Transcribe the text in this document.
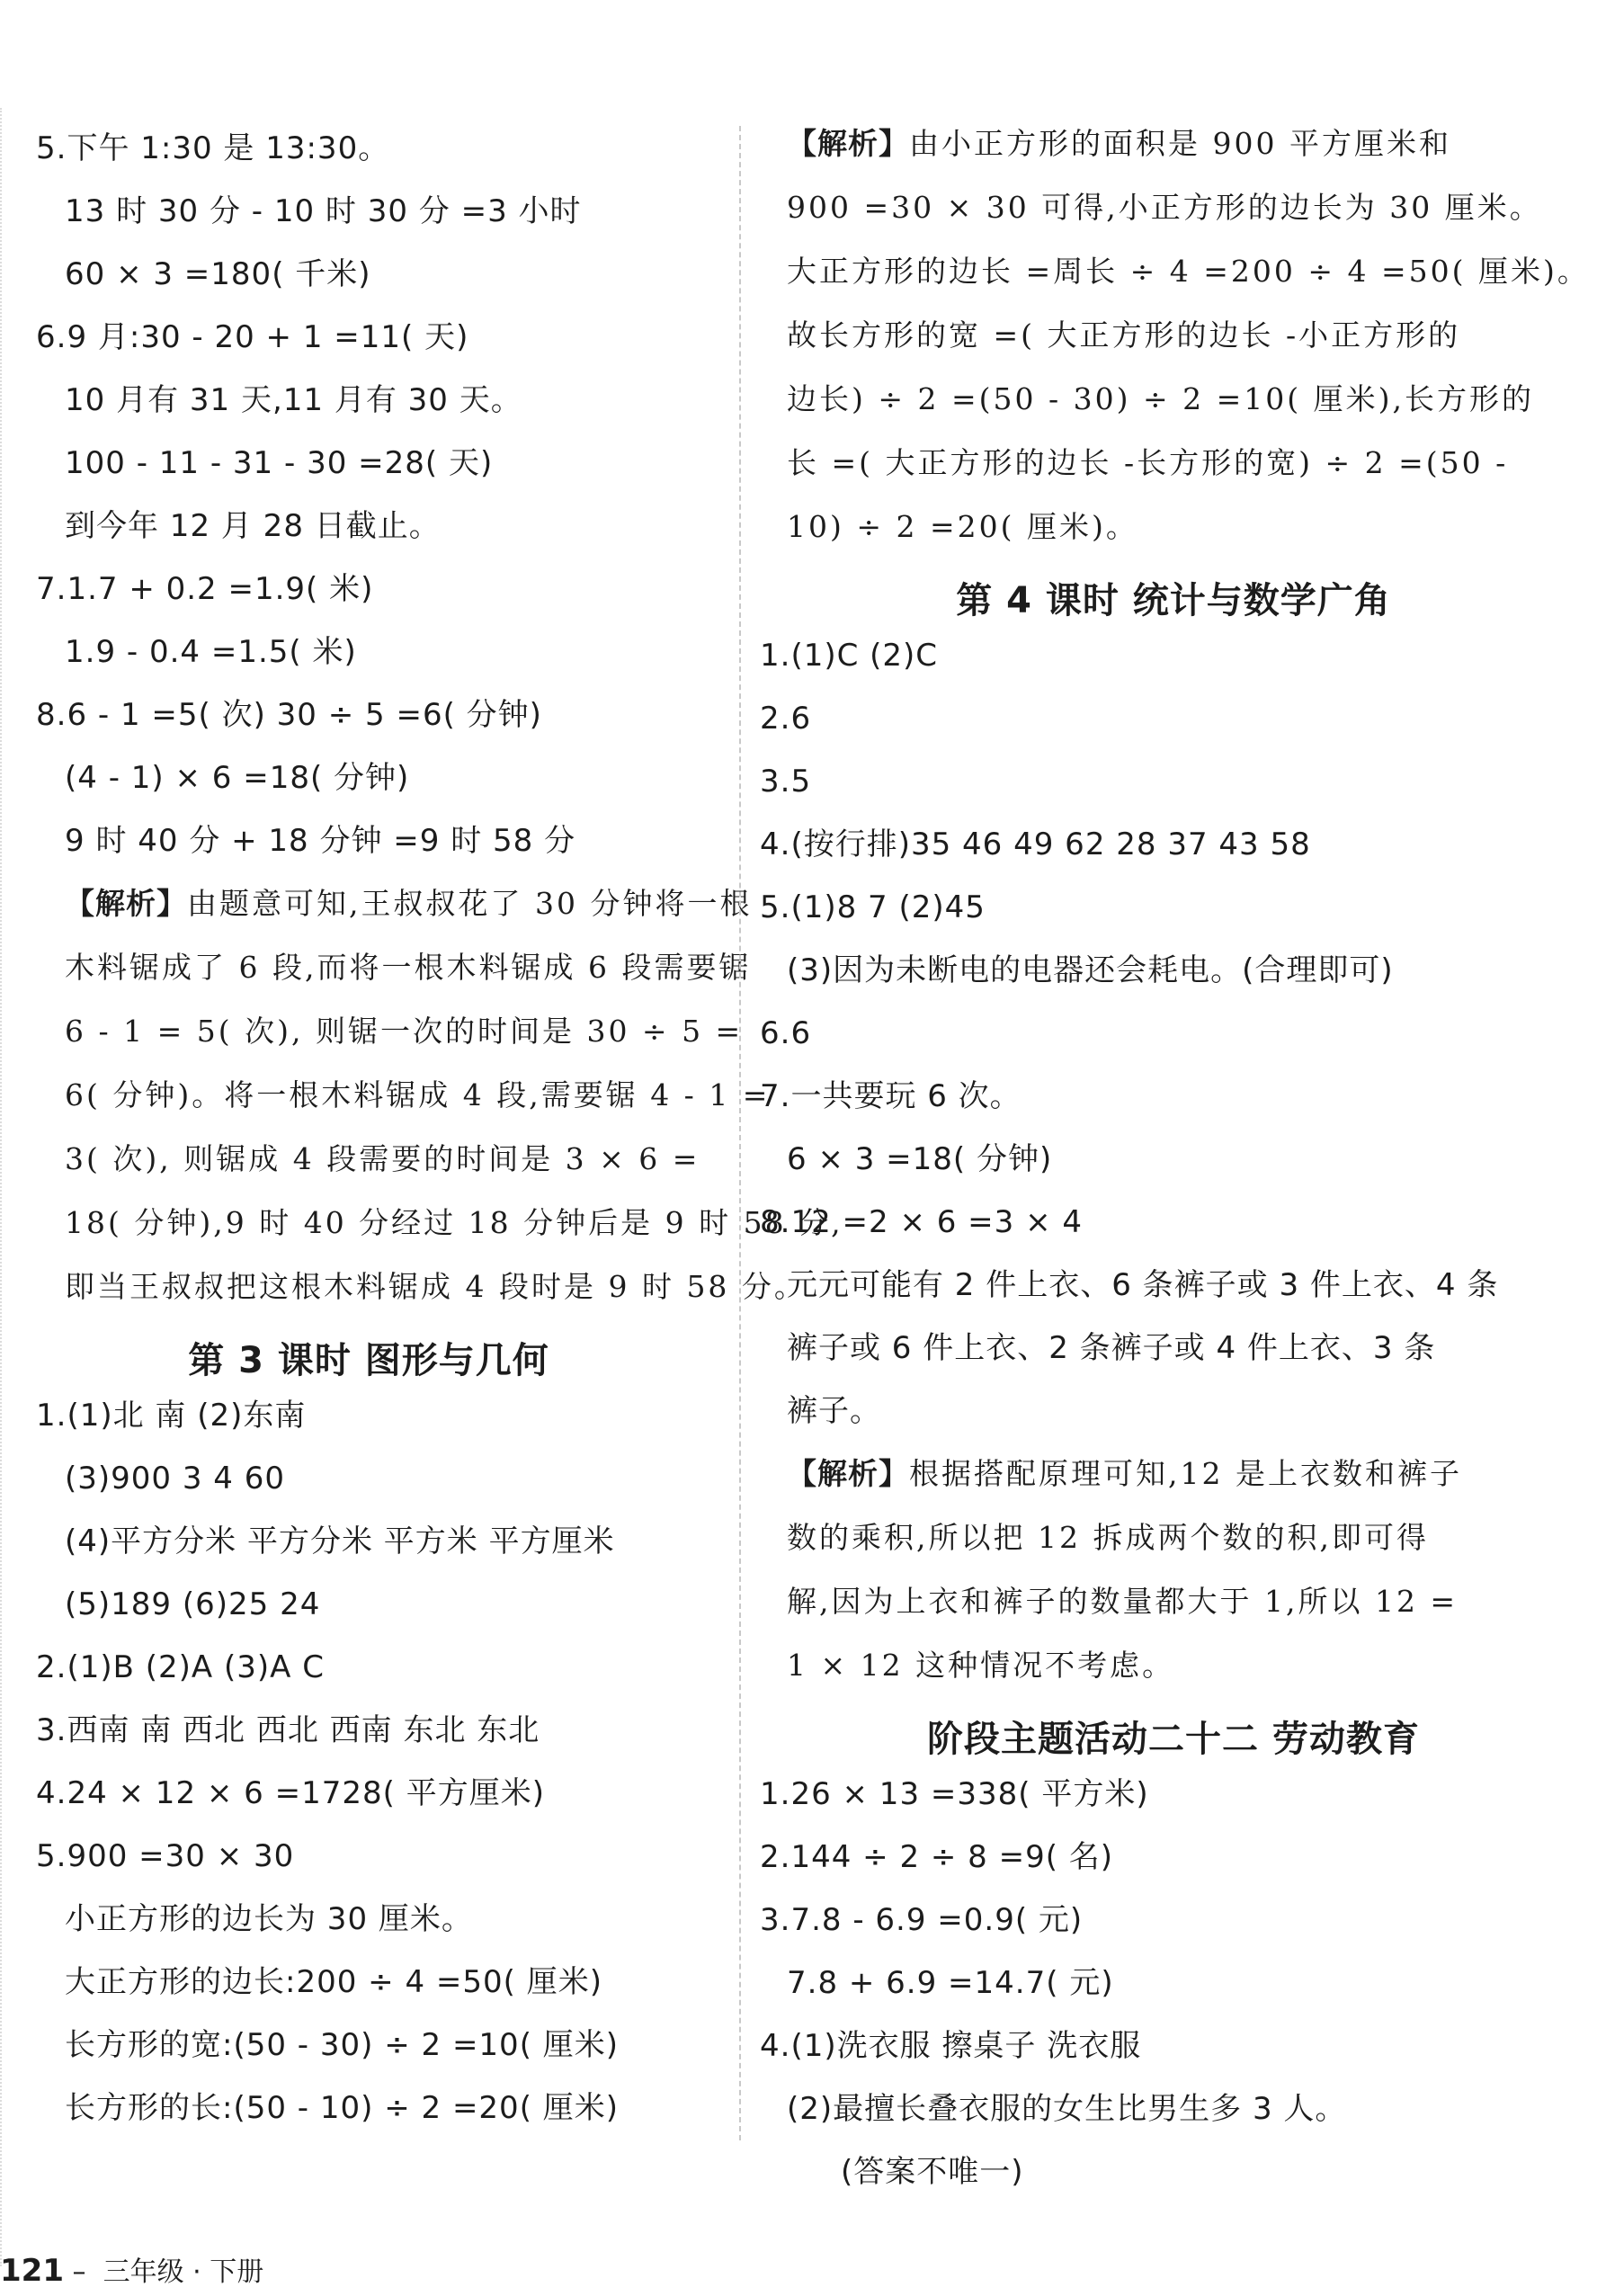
5.下午 1:30 是 13:30。
13 时 30 分 - 10 时 30 分 =3 小时
60 × 3 =180( 千米)
6.9 月:30 - 20 + 1 =11( 天)
10 月有 31 天,11 月有 30 天。
100 - 11 - 31 - 30 =28( 天)
到今年 12 月 28 日截止。
7.1.7 + 0.2 =1.9( 米)
1.9 - 0.4 =1.5( 米)
8.6 - 1 =5( 次) 30 ÷ 5 =6( 分钟)
(4 - 1) × 6 =18( 分钟)
9 时 40 分 + 18 分钟 =9 时 58 分
【解析】由题意可知,王叔叔花了 30 分钟将一根
木料锯成了 6 段,而将一根木料锯成 6 段需要锯
6 - 1 = 5( 次), 则锯一次的时间是 30 ÷ 5 =
6( 分钟)。将一根木料锯成 4 段,需要锯 4 - 1 =
3( 次), 则锯成 4 段需要的时间是 3 × 6 =
18( 分钟),9 时 40 分经过 18 分钟后是 9 时 58 分,
即当王叔叔把这根木料锯成 4 段时是 9 时 58 分。
第 3 课时 图形与几何
1.(1)北 南 (2)东南
(3)900 3 4 60
(4)平方分米 平方分米 平方米 平方厘米
(5)189 (6)25 24
2.(1)B (2)A (3)A C
3.西南 南 西北 西北 西南 东北 东北
4.24 × 12 × 6 =1728( 平方厘米)
5.900 =30 × 30
小正方形的边长为 30 厘米。
大正方形的边长:200 ÷ 4 =50( 厘米)
长方形的宽:(50 - 30) ÷ 2 =10( 厘米)
长方形的长:(50 - 10) ÷ 2 =20( 厘米)
【解析】由小正方形的面积是 900 平方厘米和
900 =30 × 30 可得,小正方形的边长为 30 厘米。
大正方形的边长 =周长 ÷ 4 =200 ÷ 4 =50( 厘米)。
故长方形的宽 =( 大正方形的边长 -小正方形的
边长) ÷ 2 =(50 - 30) ÷ 2 =10( 厘米),长方形的
长 =( 大正方形的边长 -长方形的宽) ÷ 2 =(50 -
10) ÷ 2 =20( 厘米)。
第 4 课时 统计与数学广角
1.(1)C (2)C
2.6
3.5
4.(按行排)35 46 49 62 28 37 43 58
5.(1)8 7 (2)45
(3)因为未断电的电器还会耗电。(合理即可)
6.6
7.一共要玩 6 次。
6 × 3 =18( 分钟)
8.12 =2 × 6 =3 × 4
元元可能有 2 件上衣、6 条裤子或 3 件上衣、4 条
裤子或 6 件上衣、2 条裤子或 4 件上衣、3 条
裤子。
【解析】根据搭配原理可知,12 是上衣数和裤子
数的乘积,所以把 12 拆成两个数的积,即可得
解,因为上衣和裤子的数量都大于 1,所以 12 =
1 × 12 这种情况不考虑。
阶段主题活动二十二 劳动教育
1.26 × 13 =338( 平方米)
2.144 ÷ 2 ÷ 8 =9( 名)
3.7.8 - 6.9 =0.9( 元)
7.8 + 6.9 =14.7( 元)
4.(1)洗衣服 擦桌子 洗衣服
(2)最擅长叠衣服的女生比男生多 3 人。
(答案不唯一)
121 – 三年级 · 下册
